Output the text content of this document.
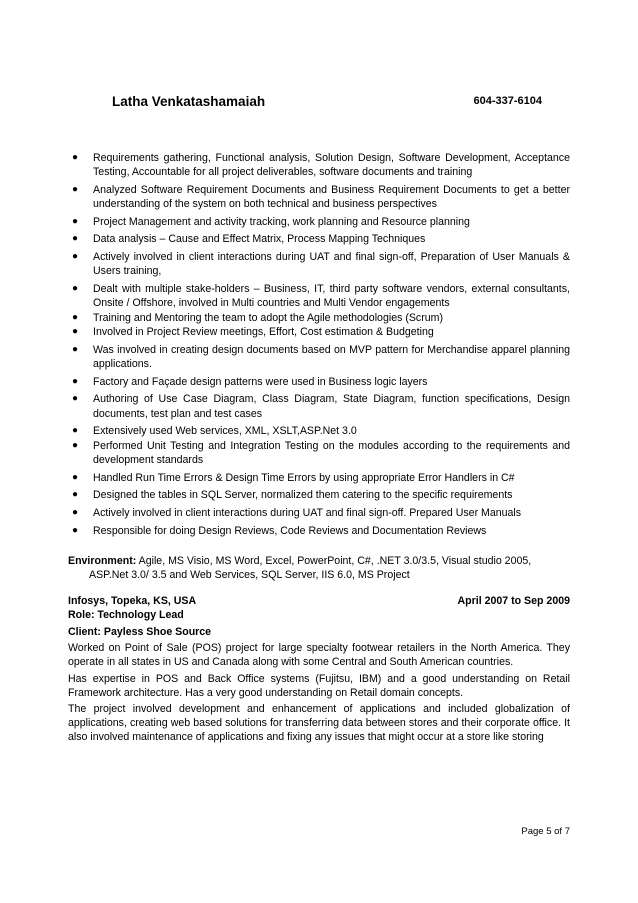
Latha Venkatashamaiah	604-337-6104
● Requirements gathering, Functional analysis, Solution Design, Software Development, Acceptance Testing, Accountable for all project deliverables, software documents and training
● Analyzed Software Requirement Documents and Business Requirement Documents to get a better understanding of the system on both technical and business perspectives
● Project Management and activity tracking, work planning and Resource planning
● Data analysis – Cause and Effect Matrix, Process Mapping Techniques
● Actively involved in client interactions during UAT and final sign-off, Preparation of User Manuals & Users training,
● Dealt with multiple stake-holders – Business, IT, third party software vendors, external consultants, Onsite / Offshore, involved in Multi countries and Multi Vendor engagements
● Training and Mentoring the team to adopt the Agile methodologies (Scrum)
● Involved in Project Review meetings, Effort, Cost estimation & Budgeting
● Was involved in creating design documents based on MVP pattern for Merchandise apparel planning applications.
● Factory and Façade design patterns were used in Business logic layers
● Authoring of Use Case Diagram, Class Diagram, State Diagram, function specifications, Design documents, test plan and test cases
● Extensively used Web services, XML, XSLT,ASP.Net 3.0
● Performed Unit Testing and Integration Testing on the modules according to the requirements and development standards
● Handled Run Time Errors & Design Time Errors by using appropriate Error Handlers in C#
● Designed the tables in SQL Server, normalized them catering to the specific requirements
● Actively involved in client interactions during UAT and final sign-off. Prepared User Manuals
● Responsible for doing Design Reviews, Code Reviews and Documentation Reviews
Environment: Agile, MS Visio, MS Word, Excel, PowerPoint, C#, .NET 3.0/3.5, Visual studio 2005,
ASP.Net 3.0/ 3.5 and Web Services, SQL Server, IIS 6.0, MS Project
Infosys, Topeka, KS, USA	April 2007 to Sep 2009
Role: Technology Lead
Client: Payless Shoe Source

Worked on Point of Sale (POS) project for large specialty footwear retailers in the North America. They operate in all states in US and Canada along with some Central and South American countries.

Has expertise in POS and Back Office systems (Fujitsu, IBM) and a good understanding on Retail Framework architecture. Has a very good understanding on Retail domain concepts.

The project involved development and enhancement of applications and included globalization of applications, creating web based solutions for transferring data between stores and their corporate office. It also involved maintenance of applications and fixing any issues that might occur at a store like storing

Page 5 of 7
